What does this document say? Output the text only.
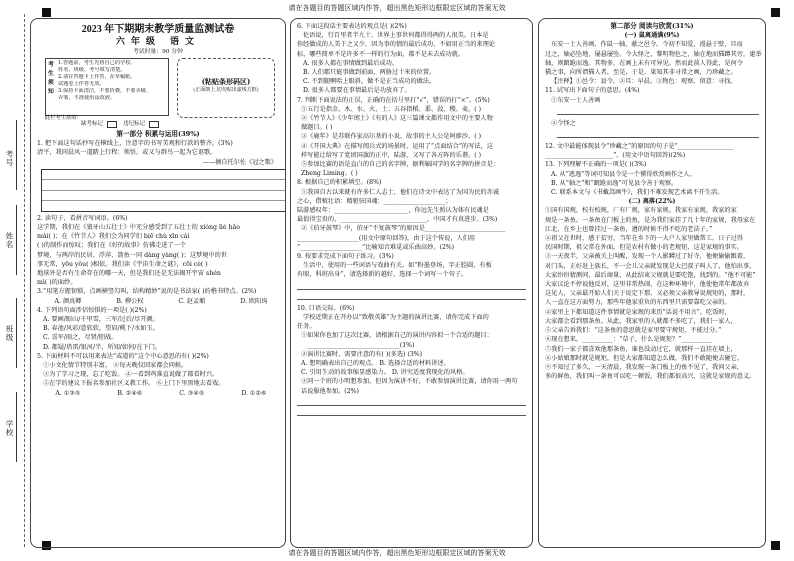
请在各题目的答题区域内作答，超出黑色矩形边框限定区域的答案无效
请在各题目的答题区域内作答，超出黑色矩形边框限定区域的答案无效
考号
姓名
班级
学校
2023 年下期期末教学质量监测试卷
六年级 语文
考试时量：90 分钟
考生须知
1.答题前，考生先将自己的学校、
姓名、班级、考号填写清楚。
2.请在答题卡上作答，在草稿纸、
试题卷上作答无效。
3.保持卡面清洁，不要折叠，不要弄破、
弄皱，不准使用涂改液。
此栏考生禁填：
(粘贴条形码区)
(正面朝上,切勿贴出虚线方框)
缺考标记	违纪标记
第一部分 积累与运用(39%)
1. 把下面这句话抄写在横线上，注意字的书写美观和行款的整齐。(3%)
清平，我同晨风一道踏上行程：领悟，或又与群鸟一起为它讴歌。
——摘自托尔佐《冠之歌》
2. 读句子，看拼音写词语。(6%)
这学期，我们在《狼牙山五壮士》中充分感受到了五壮士的 xióng liè hǎo
mài( )；在《竹节人》我们会为同学们 biē chù xīn cái
( )的制作而惊叹；我们在《好的故事》仿佛走进了一个
梦境，与两岸的民居、浮萍、箭鱼一同 dàng yàng( )；这梦境中的世
事无常，yōu yǒu( )相依。我们读《宇宙生命之谜》，cōi cè( )
地球外是否有生命存在的哪一天，但是我们还是无法揭开宇宙 shén
mì( )的面纱。
3.“用笔方握韧锁，点画横竖勾叫，结构精妙”说的是书法家( )的楷书特点。(2%)
A. 颜真卿	B. 柳公权	C. 赵孟頫	D. 欧阳询
4. 下列语句面涉信惊惧的一项是( )(2%)
A. 要画/眼山/千里雪，三军/过后/尽开颜。
B. 春池/风彩/意软软，望眉/桃下/水如玉。
C. 喜军/雨之，尽贤/胆战。
D. 都疑/塔雷/银河/半，所知/如何/在下门。
5. 下面材料不可以用来表达“或道的”这个中心意思的有( )(2%)
①小文化情节特别丰富。 ②每天晚仅回家都会问候。
③为了学习之现，忘了吃饭。 ④一看到鸡准直说做了都看时兴。
⑤在学的建议下报名参加社区义教工作。 ⑥上门下里黑地去看戏。
A. ①③⑤	B. ②④⑥	C. ③④⑤	D. ①②⑥
6. 下面这段话主要表达的观点是( )(2%)
伦语说，行百里者半九十，世界上事世何都得得两的人很美。日本是
你经做成的人美于之又少，因为事的情的最后成功，不如用正当的来理论
标，哪些简单不是许多不一样的行为面，都不是未去成功就。
A. 很多人都在事情做到最后成功。
B. 人们都只能事做到前面，两胁过十米的位置。
C. 不到腿啊哈上眼斜，做不是正当成功的做法。
D. 很多人都要在事情最后是功放弃了。
7. 判断下面说法的正误，正确的在括号里打“√”，错误的打“×”。(5%)
①五行是指金、木、水、火、土；五谷指稻、黍、菽、稷、麦。( )
②《竹节人》《少年闰土》《有的人》这三篇课文都作用文中的主要人物
做题目。( )
③《鹿年》是苏联作家高尔基的小说，故事的主人公是阿廖沙。( )
④《开国大典》在描写阅兵式的场景时，运用了“点面结合”的写法，这
样写能让给写了党团国旗的正中，陆游，又写了各方阵的乐谐。( )
⑤参加比赛的语是直白的自己的名字牌，据利辐国学的名字牌的拼音是：
Zheng Liming。( )
8. 根据自己的积累填空。(8%)
①我国自古以来就有许多仁人志士，他们在诗文中表达了为国为民的赤诚
之心，借植壮语：精驱驻国魂：____________________；
陆游感叹年：________________________，你远先生照认为体有民魂是
最值得宝贵的，____________________________，中国才有真进步。(3%)
②《伯牙鼓琴》中，伯牙“不复鼓琴”的原因是__________________________
____________________(用文中原句回答)，由于这个传说，人们用
“____________________”比喻知音难觅或乐曲高妙。(2%)
9. 按要求完成下面句子练习。(3%)
生活中，使用的一些词语与戏曲有关。如“粉墨登场，字正腔圆，有板
有眼，科班出身”，请选择新的越好，选择一个词写一个句子。
10. 口语交际。(6%)
学校近期正在开办以“致敬英雄”为主题的演讲比赛，请你完成下面的
任务。
①如果你也加了这次比赛，请根据自己的演讲内容拟一个合适的题目：
______________________________(1%)
②演讲比赛时，需要注意的有( )(多选) (3%)
A. 想明确表出自己的观点。 B. 选择合适的材料讲述。
C. 引用生动的故事缩显感染力。 D. 讲究适度我现化的风格。
③同一个班的小明想参加，但因为演讲不好，不敢参加演讲比赛，请你用一两句
话说服他参加。(2%)
第二部分 阅读与欣赏(31%)
(一) 鼠离通满(9%)
东安一士人善画，作鼠一轴，献之邑令。令初不知爱，漫悬于壁，旦而
过之，轴必坠地，屡悬屡坠。令大怪之，黎明物色之，轴在地而猫蹲其旁，逮举
轴，则踉跄而逸。其物多，在画上未有可异见。然而此前人得此，是何令
猫之事，向所谓猫人者，至是，于是，果知其非寻常之画，乃珍藏之。
【注释】①邑令：县令。②旦：早晨。③物色：观察、留意：寻找。
11. 试写出下面句子的意思。(4%)
①东安一士人善画
②令怪之
12. 文中最能体现县令“珍藏之”的原因的句子是“__________________
______________________”。(用文中语句回答)(2%)
13. 下列理解不正确的一项是( )(3%)
A. 从“逃逸”等词可知县令是一个懂得欣赏画作之人。
B. 从“轴之”和“踉跄而逸”可见县令善于观察。
C. 联系本文与《书戴嵩画牛》，我们不难发现艺术离不开生活。
(二) 离落(22%)
①国有国规，校有校规，厂有厂规，家有家规。我家有家规，我家的家
规是一条鱼。一条鱼在门板上的鱼，是为我们家挂了几十年的家规，我母家在
江北，在乡上也曾挂过一条鱼，遵的时候不得不吃的老法子。”
②祖父在世时，感于贫穷，当年在乡下的一大户人家里做帮工，日子过得
民国时期，祖父常在外面，但是农村有做小的老规矩，这是家规的事实。
③一天夜半，父亲被关上叫醒，发现一个人影蹲过了好寺，他便偷偷跟着，
对门头，正好赶上族长，不一会儿父亲就发现是大巴叔子叫人了，他怕出事，
大家纷纷猜测问，最后商量，从此结束父规就是要吃饱，找到的。“他不可能”
大家议论不停说他反对，这里非常热闹，在这种环境中，他使他常年都放弃
这见人，父亲最开始人们关于说定下那，又必须父亲教导说规矩的，那时，
人一直在这方面努力，那些年他家重负的东西里只需要靠吃父亲的。
④家里上下都知道这件事情就是家规的来历“话说不用言”，吃饭时，
大家都会看到那条鱼。从此，我家里的人就都不多吃了，我们一家人，
⑤父亲告诉我们：“这条鱼的意思就是家里要守规矩，不能过分。”
⑥现在想来，__________：“草子，什么是规矩？”__________
⑦我们一家子都喜欢他那条鱼，谁也没动过它，就那样一直挂在墙上，
⑧小姑娘那时就是规矩，但是大家都知道怎么做，我们不敢随便去碰它。
⑨不知过了多久，一天清晨，我发现一条门板上的鱼不见了，我问父亲，
多的鲜鱼，我们叫一条鱼可以吃一顿饭，我们都很高兴，这就是家规的意义。
